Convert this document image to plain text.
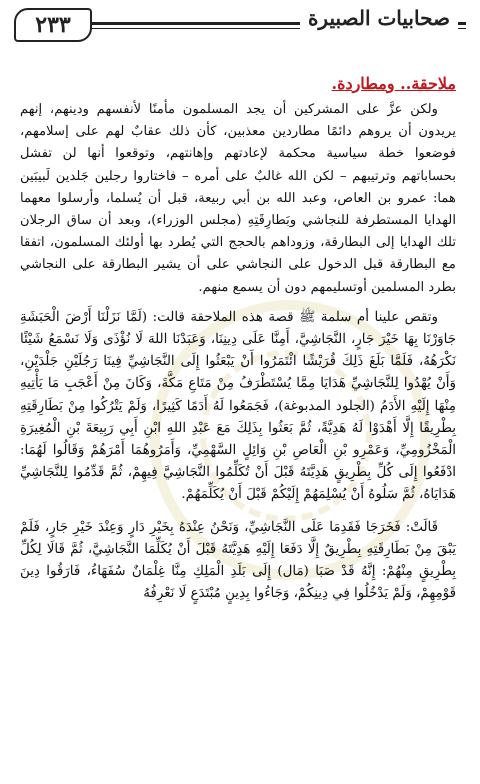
٢٣٣	صحابيات الصبيرة
ملاحقة.. ومطاردة.

ولكن عزَّ على المشركين أن يجد المسلمون مأمنًا لأنفسهم ودينهم، إنهم يريدون أن يروهم دائمًا مطاردين معذبين، كأن ذلك عقابٌ لهم على إسلامهم، فوضعوا خطة سياسية محكمة لإعادتهم وإهانتهم، وتوقعوا أنها لن تفشل بحساباتهم وترتيبهم – لكن الله غالبٌ على أمره – فاختاروا رجلين جَلدين لَبيبَين هما: عمرو بن العاص، وعبد الله بن أبي ربيعة، قبل أن يُسلما، وأرسلوا معهما الهدايا المستطرفة للنجاشي وبَطارِقَتِهِ (مجلس الوزراء)، وبعد أن ساق الرجلان تلك الهدايا إلى البطارقة، وزوداهم بالحجج التي يُطرد بها أولئك المسلمون، اتفقا مع البطارقة قبل الدخول على النجاشي على أن يشير البطارقة على النجاشي بطرد المسلمين أوتسليمهم دون أن يسمع منهم.

وتقص علينا أم سلمة ﷺ قصة هذه الملاحقة قالت: (لَمَّا نَزَلْنَا أَرْضَ الْحَبَشَةِ جَاوَرْنَا بِهَا خَيْرَ جَارٍ، النَّجَاشِيَّ، أَمِنَّا عَلَى دِينِنَا، وَعَبَدْنَا اللهَ لَا نُؤْذَى وَلَا نَسْمَعُ شَيْئًا نَكْرَهُهُ، فَلَمَّا بَلَغَ ذَلِكَ قُرَيْشًا ائْتَمَرُوا أَنْ يَبْعَثُوا إِلَى النَّجَاشِيِّ فِينَا رَجُلَيْنِ جَلْدَيْنِ، وَأَنْ يُهْدُوا لِلنَّجَاشِيِّ هَدَايَا مِمَّا يُسْتَطْرَفُ مِنْ مَتَاعِ مَكَّةَ، وَكَانَ مِنْ أَعْجَبِ مَا يَأْتِيهِ مِنْهَا إِلَيْهِ الأَدَمُ (الجلود المدبوغة)، فَجَمَعُوا لَهُ أَدَمًا كَثِيرًا، وَلَمْ يَتْرُكُوا مِنْ بَطَارِقَتِهِ بِطْرِيقًا إِلَّا أَهْدَوْا لَهُ هَدِيَّةً، ثُمَّ بَعَثُوا بِذَلِكَ مَعَ عَبْدِ اللهِ ابْنِ أَبِي رَبِيعَةَ بْنِ الْمُغِيرَةِ الْمَخْزُومِيِّ، وَعَمْرِو بْنِ الْعَاصِ بْنِ وَائِلٍ السَّهْمِيِّ، وَأَمَرُوهُمَا أَمْرَهُمْ وَقَالُوا لَهُمَا: ادْفَعُوا إِلَى كُلِّ بِطْرِيقٍ هَدِيَّتَهُ قَبْلَ أَنْ تُكَلِّمُوا النَّجَاشِيَّ فِيهِمْ، ثُمَّ قَدِّمُوا لِلنَّجَاشِيِّ هَدَايَاهُ، ثُمَّ سَلُوهُ أَنْ يُسْلِمَهُمْ إِلَيْكُمْ قَبْلَ أَنْ يُكَلِّمَهُمْ.

قَالَتْ: فَخَرَجَا فَقَدِمَا عَلَى النَّجَاشِيِّ، وَنَحْنُ عِنْدَهُ بِخَيْرِ دَارٍ وَعِنْدَ خَيْرِ جَارٍ، فَلَمْ يَبْقَ مِنْ بَطَارِقَتِهِ بِطْرِيقٌ إِلَّا دَفَعَا إِلَيْهِ هَدِيَّتَهُ قَبْلَ أَنْ يُكَلِّمَا النَّجَاشِيَّ، ثُمَّ قَالَا لِكُلِّ بِطْرِيقٍ مِنْهُمْ: إِنَّهُ قَدْ صَبَا (مَال) إِلَى بَلَدِ الْمَلِكِ مِنَّا غِلْمَانٌ سُفَهَاءُ، فَارَقُوا دِينَ قَوْمِهِمْ، وَلَمْ يَدْخُلُوا فِي دِينِكُمْ، وَجَاءُوا بِدِينٍ مُبْتَدَعٍ لَا نَعْرِفُهُ
